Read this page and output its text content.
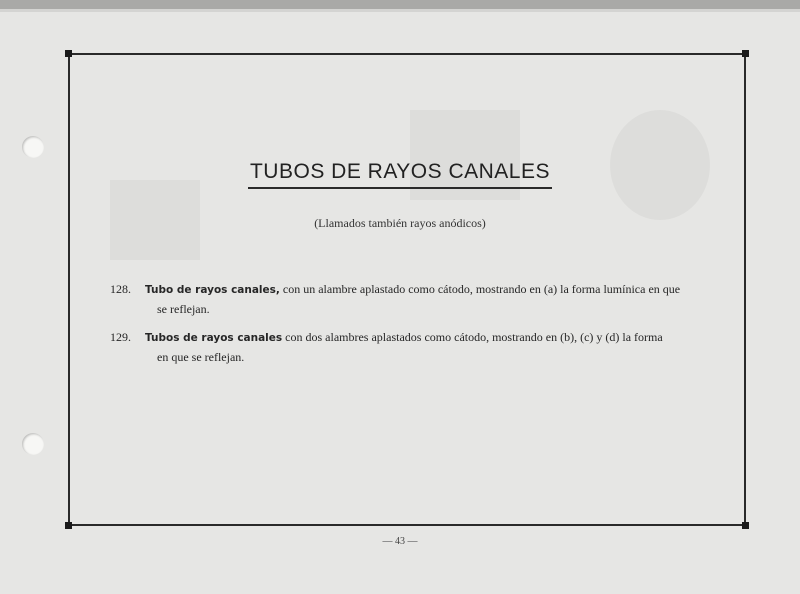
TUBOS DE RAYOS CANALES
(Llamados también rayos anódicos)
128. Tubo de rayos canales, con un alambre aplastado como cátodo, mostrando en (a) la forma lumínica en que
se reflejan.
129. Tubos de rayos canales con dos alambres aplastados como cátodo, mostrando en (b), (c) y (d) la forma
en que se reflejan.
— 43 —
